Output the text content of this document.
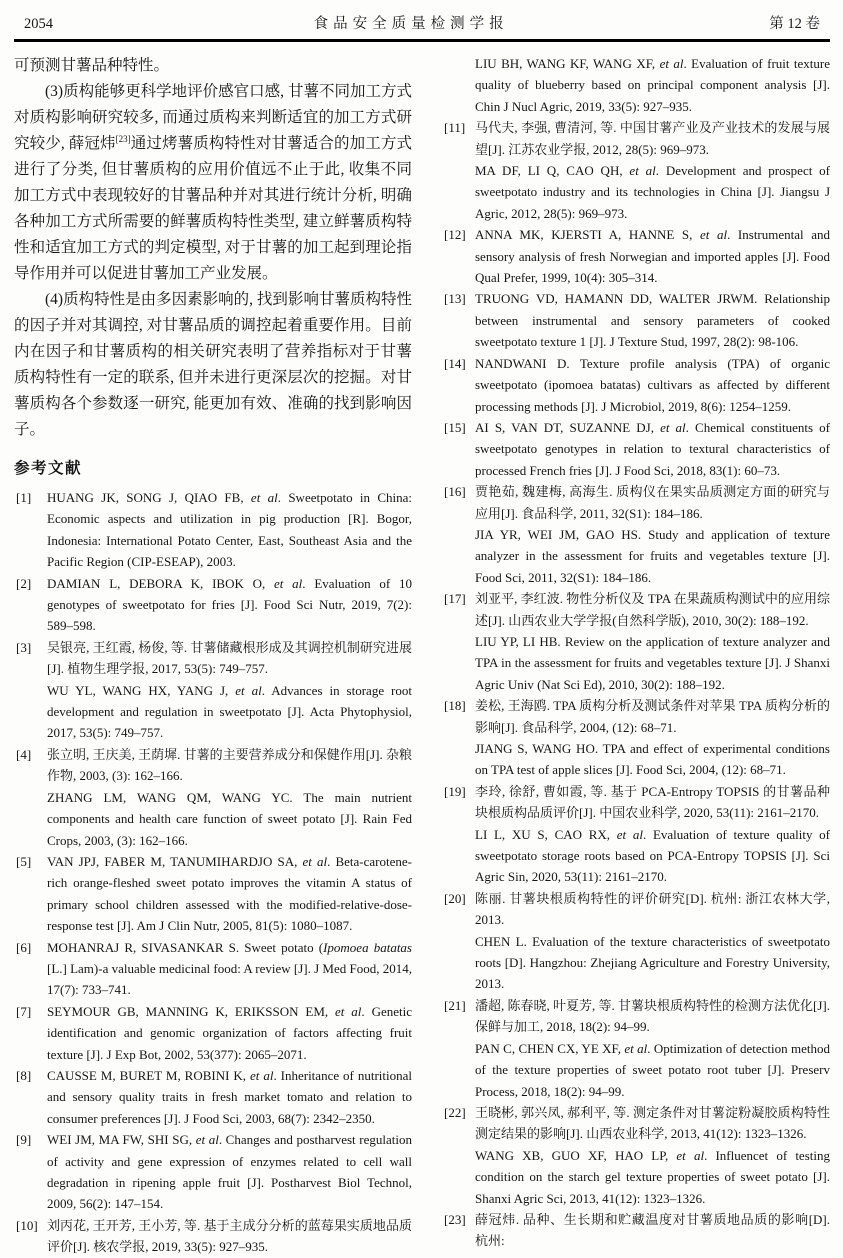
2054	食品安全质量检测学报	第 12 卷
可预测甘薯品种特性。
(3)质构能够更科学地评价感官口感, 甘薯不同加工方式对质构影响研究较多, 而通过质构来判断适宜的加工方式研究较少, 薛冠炜[23]通过烤薯质构特性对甘薯适合的加工方式进行了分类, 但甘薯质构的应用价值远不止于此, 收集不同加工方式中表现较好的甘薯品种并对其进行统计分析, 明确各种加工方式所需要的鲜薯质构特性类型, 建立鲜薯质构特性和适宜加工方式的判定模型, 对于甘薯的加工起到理论指导作用并可以促进甘薯加工产业发展。
(4)质构特性是由多因素影响的, 找到影响甘薯质构特性的因子并对其调控, 对甘薯品质的调控起着重要作用。目前内在因子和甘薯质构的相关研究表明了营养指标对于甘薯质构特性有一定的联系, 但并未进行更深层次的挖掘。对甘薯质构各个参数逐一研究, 能更加有效、准确的找到影响因子。
参考文献
[1] HUANG JK, SONG J, QIAO FB, et al. Sweetpotato in China: Economic aspects and utilization in pig production [R]. Bogor, Indonesia: International Potato Center, East, Southeast Asia and the Pacific Region (CIP-ESEAP), 2003.
[2] DAMIAN L, DEBORA K, IBOK O, et al. Evaluation of 10 genotypes of sweetpotato for fries [J]. Food Sci Nutr, 2019, 7(2): 589–598.
[3] 吴银亮, 王红霞, 杨俊, 等. 甘薯储藏根形成及其调控机制研究进展[J]. 植物生理学报, 2017, 53(5): 749–757.
WU YL, WANG HX, YANG J, et al. Advances in storage root development and regulation in sweetpotato [J]. Acta Phytophysiol, 2017, 53(5): 749–757.
[4] 张立明, 王庆美, 王荫墀. 甘薯的主要营养成分和保健作用[J]. 杂粮作物, 2003, (3): 162–166.
ZHANG LM, WANG QM, WANG YC. The main nutrient components and health care function of sweet potato [J]. Rain Fed Crops, 2003, (3): 162–166.
[5] VAN JPJ, FABER M, TANUMIHARDJO SA, et al. Beta-carotene-rich orange-fleshed sweet potato improves the vitamin A status of primary school children assessed with the modified-relative-dose-response test [J]. Am J Clin Nutr, 2005, 81(5): 1080–1087.
[6] MOHANRAJ R, SIVASANKAR S. Sweet potato (Ipomoea batatas [L.] Lam)-a valuable medicinal food: A review [J]. J Med Food, 2014, 17(7): 733–741.
[7] SEYMOUR GB, MANNING K, ERIKSSON EM, et al. Genetic identification and genomic organization of factors affecting fruit texture [J]. J Exp Bot, 2002, 53(377): 2065–2071.
[8] CAUSSE M, BURET M, ROBINI K, et al. Inheritance of nutritional and sensory quality traits in fresh market tomato and relation to consumer preferences [J]. J Food Sci, 2003, 68(7): 2342–2350.
[9] WEI JM, MA FW, SHI SG, et al. Changes and postharvest regulation of activity and gene expression of enzymes related to cell wall degradation in ripening apple fruit [J]. Postharvest Biol Technol, 2009, 56(2): 147–154.
[10] 刘丙花, 王开芳, 王小芳, 等. 基于主成分分析的蓝莓果实质地品质评价[J]. 核农学报, 2019, 33(5): 927–935.
LIU BH, WANG KF, WANG XF, et al. Evaluation of fruit texture quality of blueberry based on principal component analysis [J]. Chin J Nucl Agric, 2019, 33(5): 927–935.
[11] 马代夫, 李强, 曹清河, 等. 中国甘薯产业及产业技术的发展与展望[J]. 江苏农业学报, 2012, 28(5): 969–973.
MA DF, LI Q, CAO QH, et al. Development and prospect of sweetpotato industry and its technologies in China [J]. Jiangsu J Agric, 2012, 28(5): 969–973.
[12] ANNA MK, KJERSTI A, HANNE S, et al. Instrumental and sensory analysis of fresh Norwegian and imported apples [J]. Food Qual Prefer, 1999, 10(4): 305–314.
[13] TRUONG VD, HAMANN DD, WALTER JRWM. Relationship between instrumental and sensory parameters of cooked sweetpotato texture 1 [J]. J Texture Stud, 1997, 28(2): 98-106.
[14] NANDWANI D. Texture profile analysis (TPA) of organic sweetpotato (ipomoea batatas) cultivars as affected by different processing methods [J]. J Microbiol, 2019, 8(6): 1254–1259.
[15] AI S, VAN DT, SUZANNE DJ, et al. Chemical constituents of sweetpotato genotypes in relation to textural characteristics of processed French fries [J]. J Food Sci, 2018, 83(1): 60–73.
[16] 贾艳茹, 魏建梅, 高海生. 质构仪在果实品质测定方面的研究与应用[J]. 食品科学, 2011, 32(S1): 184–186.
JIA YR, WEI JM, GAO HS. Study and application of texture analyzer in the assessment for fruits and vegetables texture [J]. Food Sci, 2011, 32(S1): 184–186.
[17] 刘亚平, 李红波. 物性分析仪及 TPA 在果蔬质构测试中的应用综述[J]. 山西农业大学学报(自然科学版), 2010, 30(2): 188–192.
LIU YP, LI HB. Review on the application of texture analyzer and TPA in the assessment for fruits and vegetables texture [J]. J Shanxi Agric Univ (Nat Sci Ed), 2010, 30(2): 188–192.
[18] 姜松, 王海鸥. TPA 质构分析及测试条件对苹果 TPA 质构分析的影响[J]. 食品科学, 2004, (12): 68–71.
JIANG S, WANG HO. TPA and effect of experimental conditions on TPA test of apple slices [J]. Food Sci, 2004, (12): 68–71.
[19] 李玲, 徐舒, 曹如霞, 等. 基于 PCA-Entropy TOPSIS 的甘薯品种块根质构品质评价[J]. 中国农业科学, 2020, 53(11): 2161–2170.
LI L, XU S, CAO RX, et al. Evaluation of texture quality of sweetpotato storage roots based on PCA-Entropy TOPSIS [J]. Sci Agric Sin, 2020, 53(11): 2161–2170.
[20] 陈丽. 甘薯块根质构特性的评价研究[D]. 杭州: 浙江农林大学, 2013.
CHEN L. Evaluation of the texture characteristics of sweetpotato roots [D]. Hangzhou: Zhejiang Agriculture and Forestry University, 2013.
[21] 潘超, 陈春晓, 叶夏芳, 等. 甘薯块根质构特性的检测方法优化[J]. 保鲜与加工, 2018, 18(2): 94–99.
PAN C, CHEN CX, YE XF, et al. Optimization of detection method of the texture properties of sweet potato root tuber [J]. Preserv Process, 2018, 18(2): 94–99.
[22] 王晓彬, 郭兴凤, 郝利平, 等. 测定条件对甘薯淀粉凝胶质构特性测定结果的影响[J]. 山西农业科学, 2013, 41(12): 1323–1326.
WANG XB, GUO XF, HAO LP, et al. Influencet of testing condition on the starch gel texture properties of sweet potato [J]. Shanxi Agric Sci, 2013, 41(12): 1323–1326.
[23] 薛冠炜. 品种、生长期和贮藏温度对甘薯质地品质的影响[D]. 杭州:
